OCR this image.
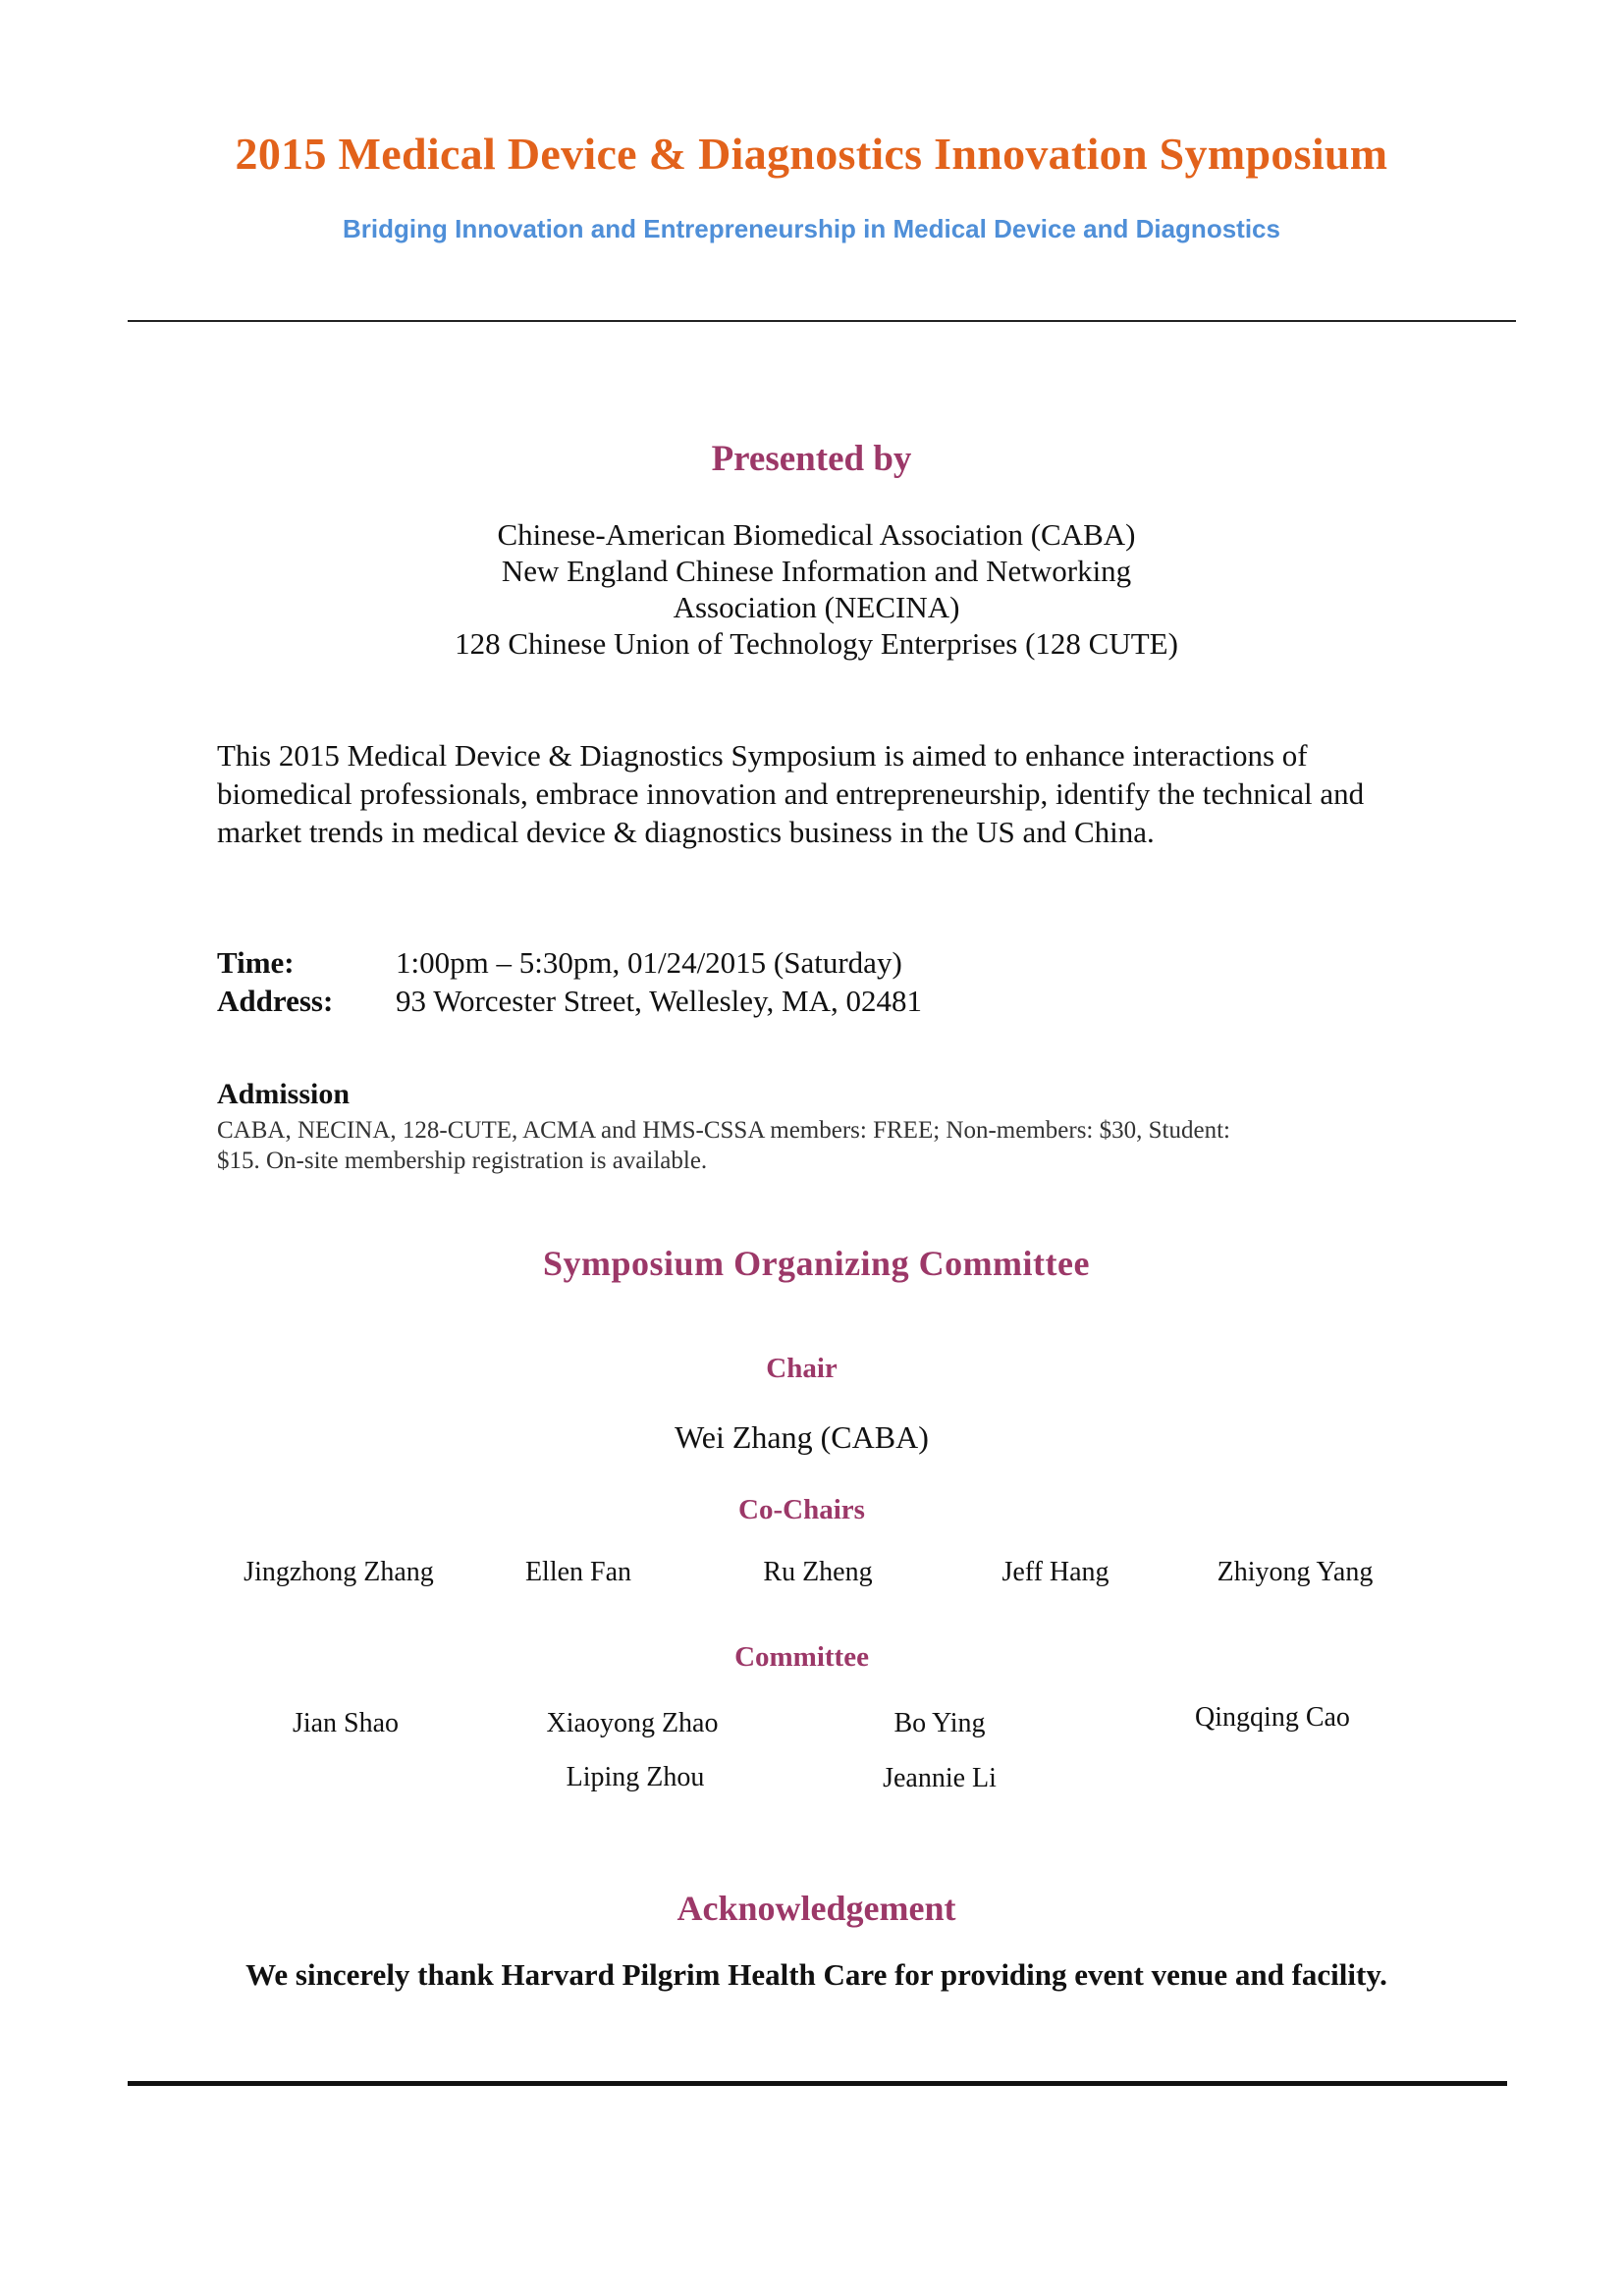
2015 Medical Device & Diagnostics Innovation Symposium
Bridging Innovation and Entrepreneurship in Medical Device and Diagnostics
Presented by
Chinese-American Biomedical Association (CABA)
New England Chinese Information and Networking
Association (NECINA)
128 Chinese Union of Technology Enterprises (128 CUTE)
This 2015 Medical Device & Diagnostics Symposium is aimed to enhance interactions of biomedical professionals, embrace innovation and entrepreneurship, identify the technical and market trends in medical device & diagnostics business in the US and China.
Time:	1:00pm – 5:30pm, 01/24/2015 (Saturday)
Address: 93 Worcester Street, Wellesley, MA, 02481
Admission
CABA, NECINA, 128-CUTE, ACMA and HMS-CSSA members: FREE; Non-members: $30, Student:
$15. On-site membership registration is available.
Symposium Organizing Committee
Chair
Wei Zhang (CABA)
Co-Chairs
Jingzhong Zhang	Ellen Fan	Ru Zheng	Jeff Hang	Zhiyong Yang
Committee
Jian Shao	Xiaoyong Zhao	Bo Ying	Qingqing Cao
Liping Zhou	Jeannie Li
Acknowledgement
We sincerely thank Harvard Pilgrim Health Care for providing event venue and facility.
